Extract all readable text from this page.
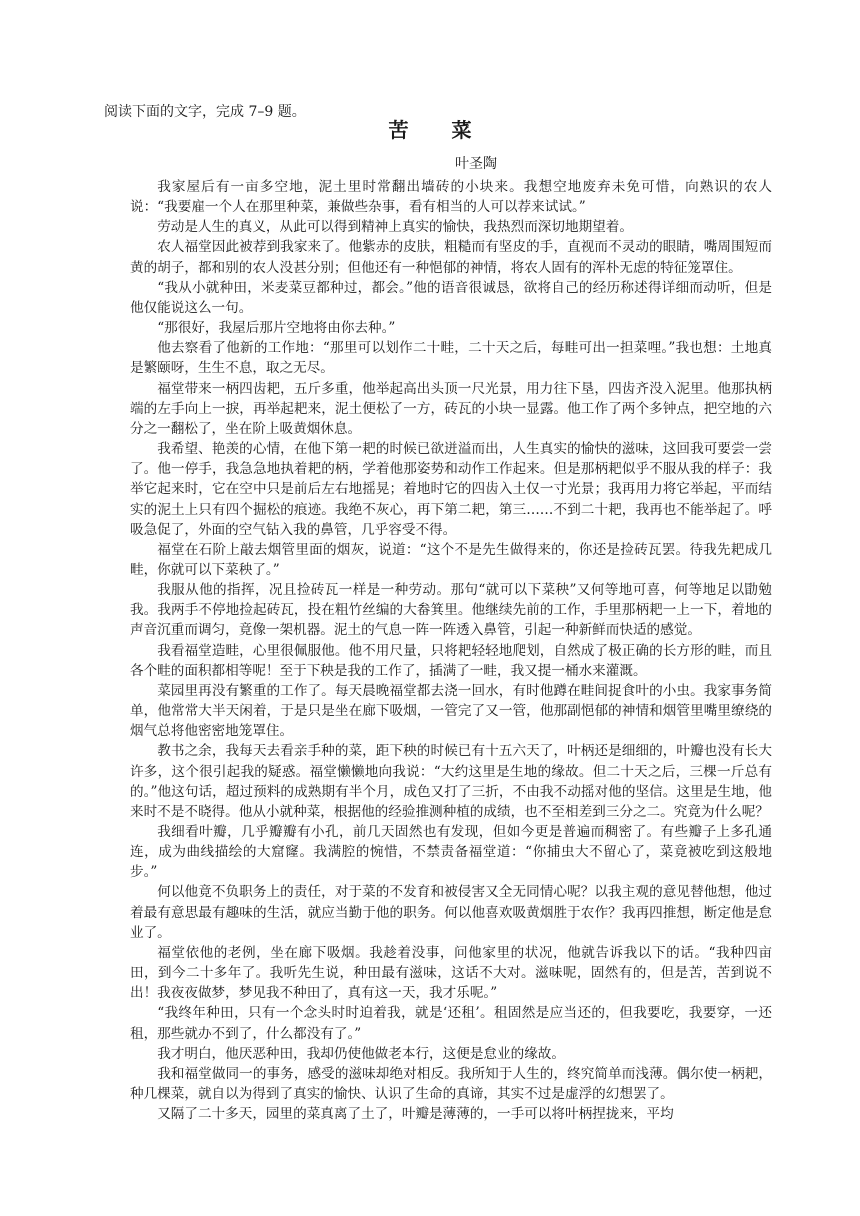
阅读下面的文字，完成 7–9 题。
苦 菜
叶圣陶

我家屋后有一亩多空地，泥土里时常翻出墙砖的小块来。我想空地废弃未免可惜，向熟识的农人说：“我要雇一个人在那里种菜，兼做些杂事，看有相当的人可以荐来试试。”

劳动是人生的真义，从此可以得到精神上真实的愉快，我热烈而深切地期望着。

农人福堂因此被荐到我家来了。他紫赤的皮肤，粗糙而有坚皮的手，直视而不灵动的眼睛，嘴周围短而黄的胡子，都和别的农人没甚分别；但他还有一种悒郁的神情，将农人固有的浑朴无虑的特征笼罩住。

“我从小就种田，米麦菜豆都种过，都会。”他的语音很诚恳，欲将自己的经历称述得详细而动听，但是他仅能说这么一句。

“那很好，我屋后那片空地将由你去种。”

他去察看了他新的工作地：“那里可以划作二十畦，二十天之后，每畦可出一担菜哩。”我也想：土地真是繁颐呀，生生不息，取之无尽。

福堂带来一柄四齿耙，五斤多重，他举起高出头顶一尺光景，用力往下垦，四齿齐没入泥里。他那执柄端的左手向上一捩，再举起耙来，泥土便松了一方，砖瓦的小块一显露。他工作了两个多钟点，把空地的六分之一翻松了，坐在阶上吸黄烟休息。

我希望、艳羡的心情，在他下第一耙的时候已欲迸溢而出，人生真实的愉快的滋味，这回我可要尝一尝了。他一停手，我急急地执着耙的柄，学着他那姿势和动作工作起来。但是那柄耙似乎不服从我的样子：我举它起来时，它在空中只是前后左右地摇晃；着地时它的四齿入土仅一寸光景；我再用力将它举起，平而结实的泥土上只有四个掘松的痕迹。我绝不灰心，再下第二耙，第三……不到二十耙，我再也不能举起了。呼吸急促了，外面的空气钻入我的鼻管，几乎容受不得。

福堂在石阶上敲去烟管里面的烟灰，说道：“这个不是先生做得来的，你还是捡砖瓦罢。待我先耙成几畦，你就可以下菜秧了。”

我服从他的指挥，况且捡砖瓦一样是一种劳动。那句“就可以下菜秧”又何等地可喜，何等地足以勖勉我。我两手不停地捡起砖瓦，投在粗竹丝编的大畚箕里。他继续先前的工作，手里那柄耙一上一下，着地的声音沉重而调匀，竟像一架机器。泥土的气息一阵一阵透入鼻管，引起一种新鲜而快适的感觉。

我看福堂造畦，心里很佩服他。他不用尺量，只将耙轻轻地爬划，自然成了极正确的长方形的畦，而且各个畦的面积都相等呢！至于下秧是我的工作了，插满了一畦，我又提一桶水来灌溉。

菜园里再没有繁重的工作了。每天晨晚福堂都去浇一回水，有时他蹲在畦间捉食叶的小虫。我家事务简单，他常常大半天闲着，于是只是坐在廊下吸烟，一管完了又一管，他那副悒郁的神情和烟管里嘴里缭绕的烟气总将他密密地笼罩住。

教书之余，我每天去看亲手种的菜，距下秧的时候已有十五六天了，叶柄还是细细的，叶瓣也没有长大许多，这个很引起我的疑惑。福堂懒懒地向我说：“大约这里是生地的缘故。但二十天之后，三棵一斤总有的。”他这句话，超过预料的成熟期有半个月，成色又打了三折，不由我不动摇对他的坚信。这里是生地，他来时不是不晓得。他从小就种菜，根据他的经验推测种植的成绩，也不至相差到三分之二。究竟为什么呢？

我细看叶瓣，几乎瓣瓣有小孔，前几天固然也有发现，但如今更是普遍而稠密了。有些瓣子上多孔通连，成为曲线描绘的大窟窿。我满腔的惋惜，不禁责备福堂道：“你捕虫大不留心了，菜竟被吃到这般地步。”

何以他竟不负职务上的责任，对于菜的不发育和被侵害又全无同情心呢？以我主观的意见替他想，他过着最有意思最有趣味的生活，就应当勤于他的职务。何以他喜欢吸黄烟胜于农作？我再四推想，断定他是怠业了。

福堂依他的老例，坐在廊下吸烟。我趁着没事，问他家里的状况，他就告诉我以下的话。“我种四亩田，到今二十多年了。我听先生说，种田最有滋味，这话不大对。滋味呢，固然有的，但是苦，苦到说不出！我夜夜做梦，梦见我不种田了，真有这一天，我才乐呢。”

“我终年种田，只有一个念头时时迫着我，就是‘还租’。租固然是应当还的，但我要吃，我要穿，一还租，那些就办不到了，什么都没有了。”

我才明白，他厌恶种田，我却仍使他做老本行，这便是怠业的缘故。

我和福堂做同一的事务，感受的滋味却绝对相反。我所知于人生的，终究简单而浅薄。偶尔使一柄耙，种几棵菜，就自以为得到了真实的愉快、认识了生命的真谛，其实不过是虚浮的幻想罢了。

又隔了二十多天，园里的菜真离了土了，叶瓣是薄薄的，一手可以将叶柄捏拢来，平均
